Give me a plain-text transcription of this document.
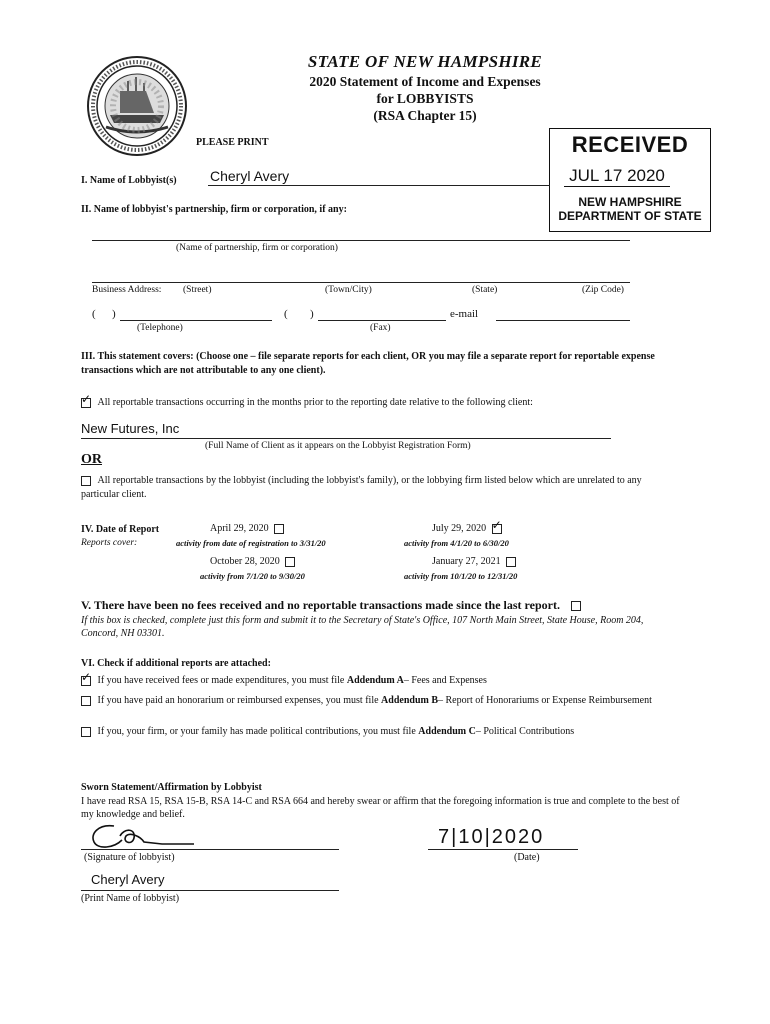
STATE OF NEW HAMPSHIRE
2020 Statement of Income and Expenses
for LOBBYISTS
(RSA Chapter 15)
PLEASE PRINT	RECEIVED
JUL 17 2020
NEW HAMPSHIRE
DEPARTMENT OF STATE
I. Name of Lobbyist(s) Cheryl Avery
II. Name of lobbyist's partnership, firm or corporation, if any:
(Name of partnership, firm or corporation)
Business Address: (Street)	(Town/City)	(State)	(Zip Code)
( )	( )	e-mail
(Telephone)	(Fax)
III. This statement covers: (Choose one – file separate reports for each client, OR you may file a separate report for reportable expense transactions which are not attributable to any one client).
✓ All reportable transactions occurring in the months prior to the reporting date relative to the following client:
New Futures, Inc
(Full Name of Client as it appears on the Lobbyist Registration Form)
OR
All reportable transactions by the lobbyist (including the lobbyist's family), or the lobbying firm listed below which are unrelated to any particular client.
IV. Date of Report
Reports cover:
April 29, 2020
activity from date of registration to 3/31/20
July 29, 2020 ✓
activity from 4/1/20 to 6/30/20
October 28, 2020
activity from 7/1/20 to 9/30/20
January 27, 2021
activity from 10/1/20 to 12/31/20
V. There have been no fees received and no reportable transactions made since the last report.
If this box is checked, complete just this form and submit it to the Secretary of State's Office, 107 North Main Street, State House, Room 204, Concord, NH 03301.
VI. Check if additional reports are attached:
✓ If you have received fees or made expenditures, you must file Addendum A– Fees and Expenses
If you have paid an honorarium or reimbursed expenses, you must file Addendum B– Report of Honorariums or Expense Reimbursement
If you, your firm, or your family has made political contributions, you must file Addendum C– Political Contributions
Sworn Statement/Affirmation by Lobbyist
I have read RSA 15, RSA 15-B, RSA 14-C and RSA 664 and hereby swear or affirm that the foregoing information is true and complete to the best of my knowledge and belief.
(Signature of lobbyist)
7|10|2020
(Date)
Cheryl Avery
(Print Name of lobbyist)
